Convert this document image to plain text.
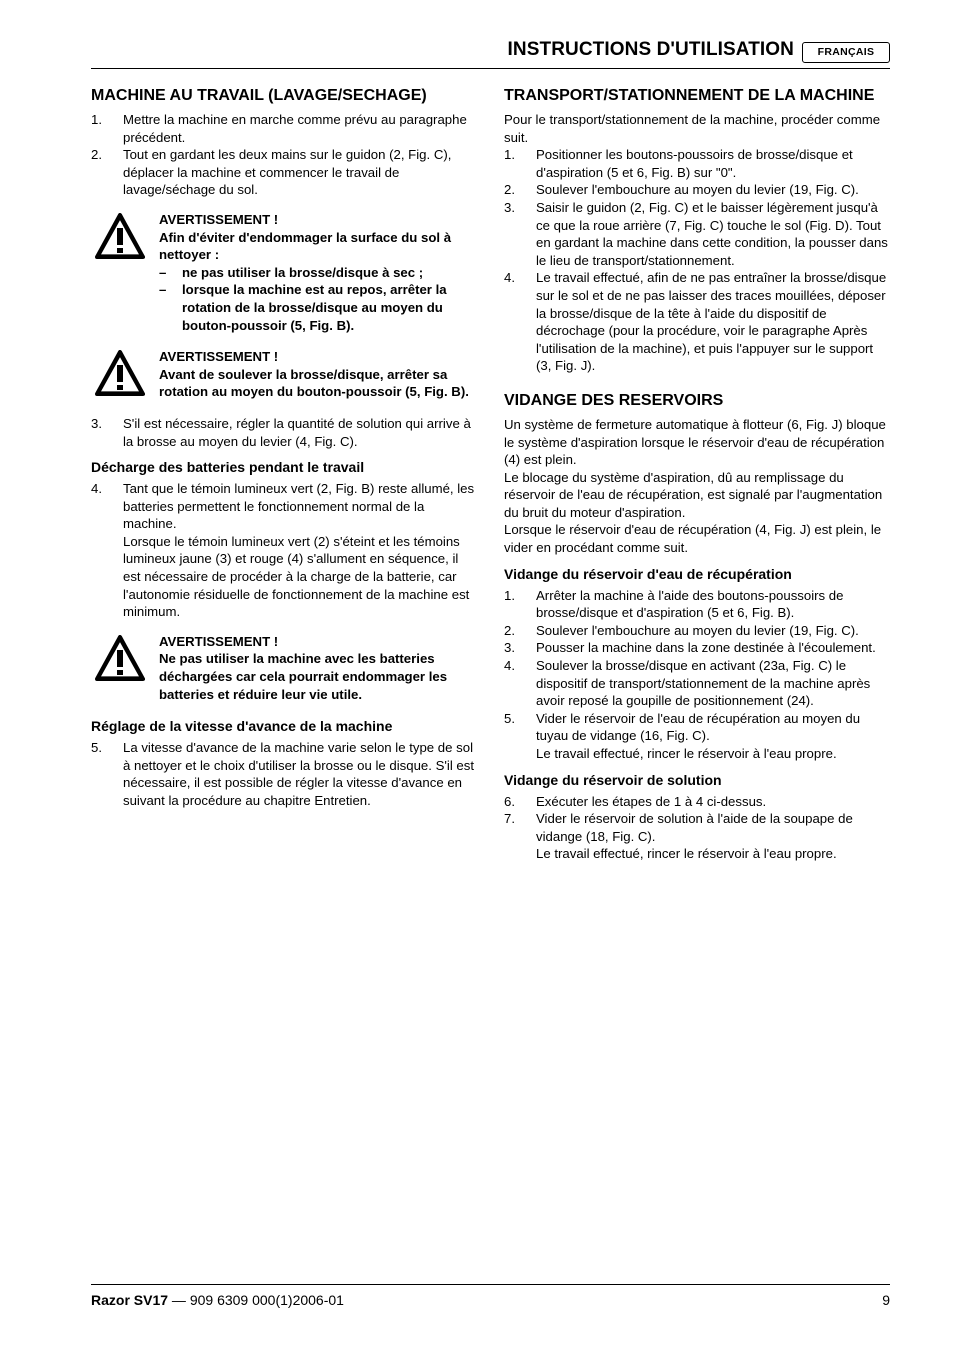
INSTRUCTIONS D'UTILISATION	FRANÇAIS
MACHINE AU TRAVAIL (LAVAGE/SECHAGE)
1. Mettre la machine en marche comme prévu au paragraphe précédent.
2. Tout en gardant les deux mains sur le guidon (2, Fig. C), déplacer la machine et commencer le travail de lavage/séchage du sol.
AVERTISSEMENT !
Afin d'éviter d'endommager la surface du sol à nettoyer :
– ne pas utiliser la brosse/disque à sec ;
– lorsque la machine est au repos, arrêter la rotation de la brosse/disque au moyen du bouton-poussoir (5, Fig. B).
AVERTISSEMENT !
Avant de soulever la brosse/disque, arrêter sa rotation au moyen du bouton-poussoir (5, Fig. B).
3. S'il est nécessaire, régler la quantité de solution qui arrive à la brosse au moyen du levier (4, Fig. C).
Décharge des batteries pendant le travail
4. Tant que le témoin lumineux vert (2, Fig. B) reste allumé, les batteries permettent le fonctionnement normal de la machine.
Lorsque le témoin lumineux vert (2) s'éteint et les témoins lumineux jaune (3) et rouge (4) s'allument en séquence, il est nécessaire de procéder à la charge de la batterie, car l'autonomie résiduelle de fonctionnement de la machine est minimum.
AVERTISSEMENT !
Ne pas utiliser la machine avec les batteries déchargées car cela pourrait endommager les batteries et réduire leur vie utile.
Réglage de la vitesse d'avance de la machine
5. La vitesse d'avance de la machine varie selon le type de sol à nettoyer et le choix d'utiliser la brosse ou le disque. S'il est nécessaire, il est possible de régler la vitesse d'avance en suivant la procédure au chapitre Entretien.
TRANSPORT/STATIONNEMENT DE LA MACHINE

Pour le transport/stationnement de la machine, procéder comme suit.

1. Positionner les boutons-poussoirs de brosse/disque et d'aspiration (5 et 6, Fig. B) sur "0".
2. Soulever l'embouchure au moyen du levier (19, Fig. C).
3. Saisir le guidon (2, Fig. C) et le baisser légèrement jusqu'à ce que la roue arrière (7, Fig. C) touche le sol (Fig. D). Tout en gardant la machine dans cette condition, la pousser dans le lieu de transport/stationnement.
4. Le travail effectué, afin de ne pas entraîner la brosse/disque sur le sol et de ne pas laisser des traces mouillées, déposer la brosse/disque de la tête à l'aide du dispositif de décrochage (pour la procédure, voir le paragraphe Après l'utilisation de la machine), et puis l'appuyer sur le support (3, Fig. J).
VIDANGE DES RESERVOIRS

Un système de fermeture automatique à flotteur (6, Fig. J) bloque le système d'aspiration lorsque le réservoir d'eau de récupération (4) est plein.

Le blocage du système d'aspiration, dû au remplissage du réservoir de l'eau de récupération, est signalé par l'augmentation du bruit du moteur d'aspiration.

Lorsque le réservoir d'eau de récupération (4, Fig. J) est plein, le vider en procédant comme suit.

Vidange du réservoir d'eau de récupération
1. Arrêter la machine à l'aide des boutons-poussoirs de brosse/disque et d'aspiration (5 et 6, Fig. B).
2. Soulever l'embouchure au moyen du levier (19, Fig. C).
3. Pousser la machine dans la zone destinée à l'écoulement.
4. Soulever la brosse/disque en activant (23a, Fig. C) le dispositif de transport/stationnement de la machine après avoir reposé la goupille de positionnement (24).
5. Vider le réservoir de l'eau de récupération au moyen du tuyau de vidange (16, Fig. C).
Le travail effectué, rincer le réservoir à l'eau propre.
Vidange du réservoir de solution
6. Exécuter les étapes de 1 à 4 ci-dessus.
7. Vider le réservoir de solution à l'aide de la soupape de vidange (18, Fig. C).
Le travail effectué, rincer le réservoir à l'eau propre.
Razor SV17 — 909 6309 000(1)2006-01	9
